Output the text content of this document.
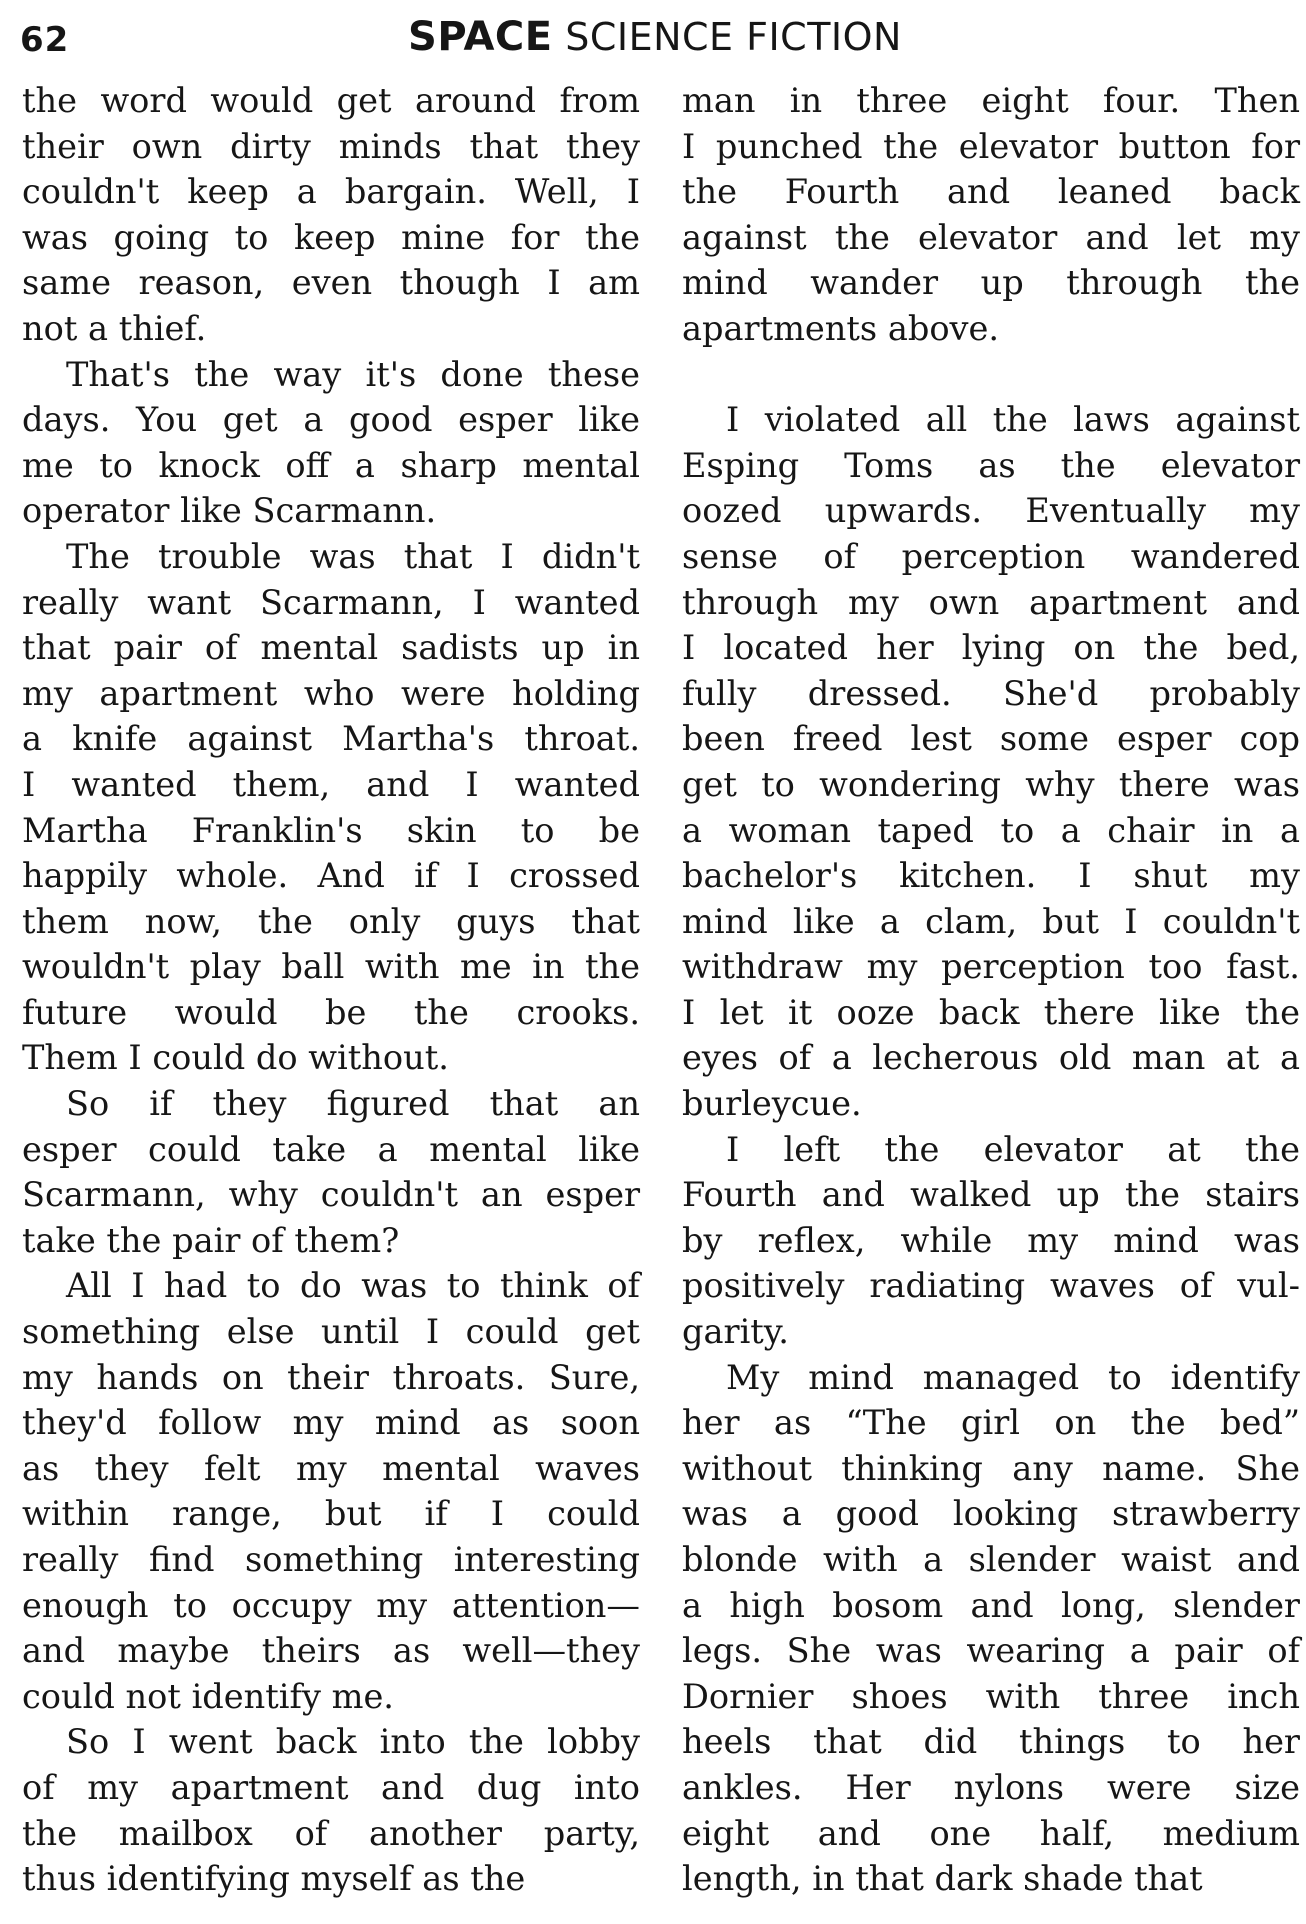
62	SPACE SCIENCE FICTION
the word would get around from
their own dirty minds that they
couldn't keep a bargain. Well, I
was going to keep mine for the
same reason, even though I am
not a thief.
That's the way it's done these
days. You get a good esper like
me to knock off a sharp mental
operator like Scarmann.
The trouble was that I didn't
really want Scarmann, I wanted
that pair of mental sadists up in
my apartment who were holding
a knife against Martha's throat.
I wanted them, and I wanted
Martha Franklin's skin to be
happily whole. And if I crossed
them now, the only guys that
wouldn't play ball with me in the
future would be the crooks.
Them I could do without.
So if they figured that an
esper could take a mental like
Scarmann, why couldn't an esper
take the pair of them?
All I had to do was to think of
something else until I could get
my hands on their throats. Sure,
they'd follow my mind as soon
as they felt my mental waves
within range, but if I could
really find something interesting
enough to occupy my attention—
and maybe theirs as well—they
could not identify me.
So I went back into the lobby
of my apartment and dug into
the mailbox of another party,
thus identifying myself as the
man in three eight four. Then
I punched the elevator button for
the Fourth and leaned back
against the elevator and let my
mind wander up through the
apartments above.
I violated all the laws against
Esping Toms as the elevator
oozed upwards. Eventually my
sense of perception wandered
through my own apartment and
I located her lying on the bed,
fully dressed. She'd probably
been freed lest some esper cop
get to wondering why there was
a woman taped to a chair in a
bachelor's kitchen. I shut my
mind like a clam, but I couldn't
withdraw my perception too fast.
I let it ooze back there like the
eyes of a lecherous old man at a
burleycue.
I left the elevator at the
Fourth and walked up the stairs
by reflex, while my mind was
positively radiating waves of vul-
garity.
My mind managed to identify
her as “The girl on the bed”
without thinking any name. She
was a good looking strawberry
blonde with a slender waist and
a high bosom and long, slender
legs. She was wearing a pair of
Dornier shoes with three inch
heels that did things to her
ankles. Her nylons were size
eight and one half, medium
length, in that dark shade that
